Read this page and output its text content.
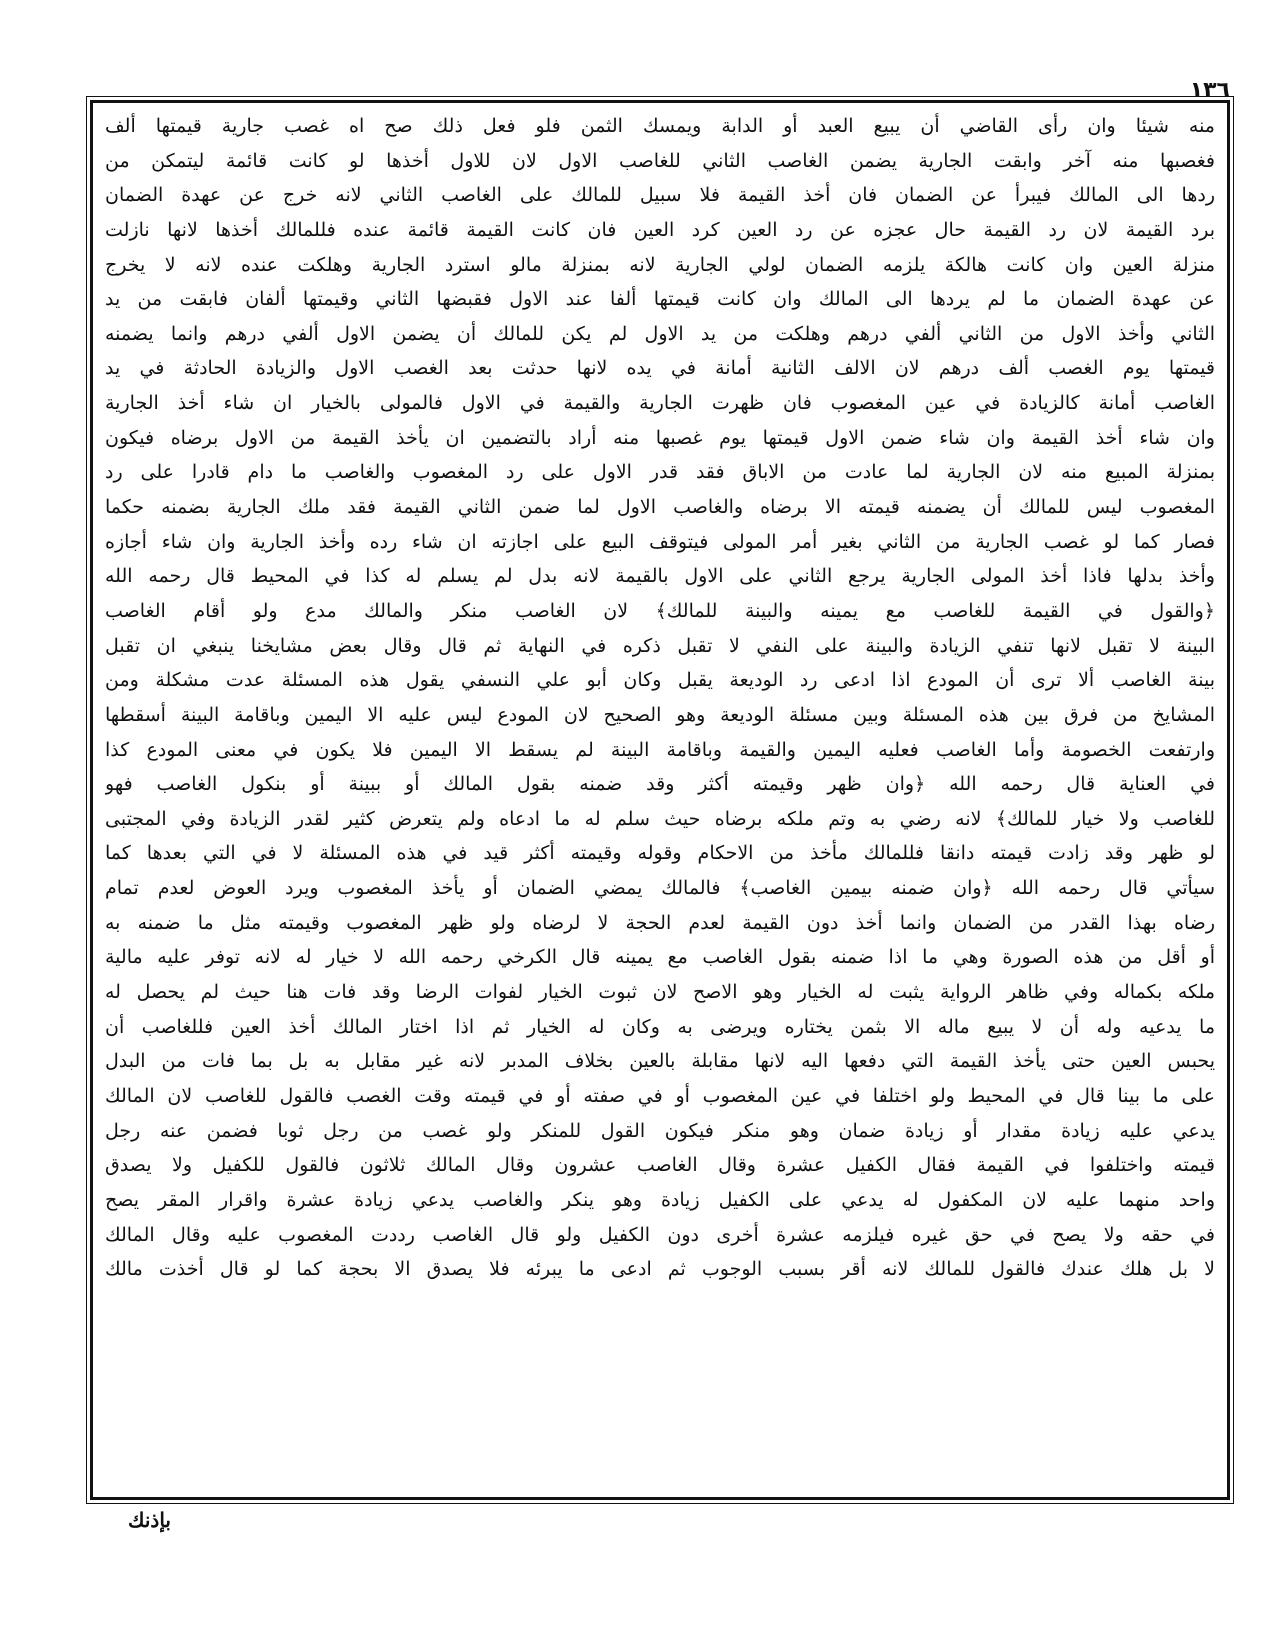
١٣٦
منه شيئا وان رأى القاضي أن يبيع العبد أو الدابة ويمسك الثمن فلو فعل ذلك صح اه غصب جارية قيمتها ألف
فغصبها منه آخر وابقت الجارية يضمن الغاصب الثاني للغاصب الاول لان للاول أخذها لو كانت قائمة ليتمكن من
ردها الى المالك فيبرأ عن الضمان فان أخذ القيمة فلا سبيل للمالك على الغاصب الثاني لانه خرج عن عهدة الضمان
برد القيمة لان رد القيمة حال عجزه عن رد العين كرد العين فان كانت القيمة قائمة عنده فللمالك أخذها لانها نازلت
منزلة العين وان كانت هالكة يلزمه الضمان لولي الجارية لانه بمنزلة مالو استرد الجارية وهلكت عنده لانه لا يخرج
عن عهدة الضمان ما لم يردها الى المالك وان كانت قيمتها ألفا عند الاول فقبضها الثاني وقيمتها ألفان فابقت من يد
الثاني وأخذ الاول من الثاني ألفي درهم وهلكت من يد الاول لم يكن للمالك أن يضمن الاول ألفي درهم وانما يضمنه
قيمتها يوم الغصب ألف درهم لان الالف الثانية أمانة في يده لانها حدثت بعد الغصب الاول والزيادة الحادثة في يد
الغاصب أمانة كالزيادة في عين المغصوب فان ظهرت الجارية والقيمة في الاول فالمولى بالخيار ان شاء أخذ الجارية
وان شاء أخذ القيمة وان شاء ضمن الاول قيمتها يوم غصبها منه أراد بالتضمين ان يأخذ القيمة من الاول برضاه فيكون
بمنزلة المبيع منه لان الجارية لما عادت من الاباق فقد قدر الاول على رد المغصوب والغاصب ما دام قادرا على رد
المغصوب ليس للمالك أن يضمنه قيمته الا برضاه والغاصب الاول لما ضمن الثاني القيمة فقد ملك الجارية بضمنه حكما
فصار كما لو غصب الجارية من الثاني بغير أمر المولى فيتوقف البيع على اجازته ان شاء رده وأخذ الجارية وان شاء أجازه
وأخذ بدلها فاذا أخذ المولى الجارية يرجع الثاني على الاول بالقيمة لانه بدل لم يسلم له كذا في المحيط قال رحمه الله
﴿والقول في القيمة للغاصب مع يمينه والبينة للمالك﴾ لان الغاصب منكر والمالك مدع ولو أقام الغاصب
البينة لا تقبل لانها تنفي الزيادة والبينة على النفي لا تقبل ذكره في النهاية ثم قال وقال بعض مشايخنا ينبغي ان تقبل
بينة الغاصب ألا ترى أن المودع اذا ادعى رد الوديعة يقبل وكان أبو علي النسفي يقول هذه المسئلة عدت مشكلة ومن
المشايخ من فرق بين هذه المسئلة وبين مسئلة الوديعة وهو الصحيح لان المودع ليس عليه الا اليمين وباقامة البينة أسقطها
وارتفعت الخصومة وأما الغاصب فعليه اليمين والقيمة وباقامة البينة لم يسقط الا اليمين فلا يكون في معنى المودع كذا
في العناية قال رحمه الله ﴿وان ظهر وقيمته أكثر وقد ضمنه بقول المالك أو ببينة أو بنكول الغاصب فهو
للغاصب ولا خيار للمالك﴾ لانه رضي به وتم ملكه برضاه حيث سلم له ما ادعاه ولم يتعرض كثير لقدر الزيادة وفي المجتبى
لو ظهر وقد زادت قيمته دانقا فللمالك مأخذ من الاحكام وقوله وقيمته أكثر قيد في هذه المسئلة لا في التي بعدها كما
سيأتي قال رحمه الله ﴿وان ضمنه بيمين الغاصب﴾ فالمالك يمضي الضمان أو يأخذ المغصوب ويرد العوض لعدم تمام
رضاه بهذا القدر من الضمان وانما أخذ دون القيمة لعدم الحجة لا لرضاه ولو ظهر المغصوب وقيمته مثل ما ضمنه به
أو أقل من هذه الصورة وهي ما اذا ضمنه بقول الغاصب مع يمينه قال الكرخي رحمه الله لا خيار له لانه توفر عليه مالية
ملكه بكماله وفي ظاهر الرواية يثبت له الخيار وهو الاصح لان ثبوت الخيار لفوات الرضا وقد فات هنا حيث لم يحصل له
ما يدعيه وله أن لا يبيع ماله الا بثمن يختاره ويرضى به وكان له الخيار ثم اذا اختار المالك أخذ العين فللغاصب أن
يحبس العين حتى يأخذ القيمة التي دفعها اليه لانها مقابلة بالعين بخلاف المدبر لانه غير مقابل به بل بما فات من البدل
على ما بينا قال في المحيط ولو اختلفا في عين المغصوب أو في صفته أو في قيمته وقت الغصب فالقول للغاصب لان المالك
يدعي عليه زيادة مقدار أو زيادة ضمان وهو منكر فيكون القول للمنكر ولو غصب من رجل ثوبا فضمن عنه رجل
قيمته واختلفوا في القيمة فقال الكفيل عشرة وقال الغاصب عشرون وقال المالك ثلاثون فالقول للكفيل ولا يصدق
واحد منهما عليه لان المكفول له يدعي على الكفيل زيادة وهو ينكر والغاصب يدعي زيادة عشرة واقرار المقر يصح
في حقه ولا يصح في حق غيره فيلزمه عشرة أخرى دون الكفيل ولو قال الغاصب رددت المغصوب عليه وقال المالك
لا بل هلك عندك فالقول للمالك لانه أقر بسبب الوجوب ثم ادعى ما يبرئه فلا يصدق الا بحجة كما لو قال أخذت مالك
بإذنك
